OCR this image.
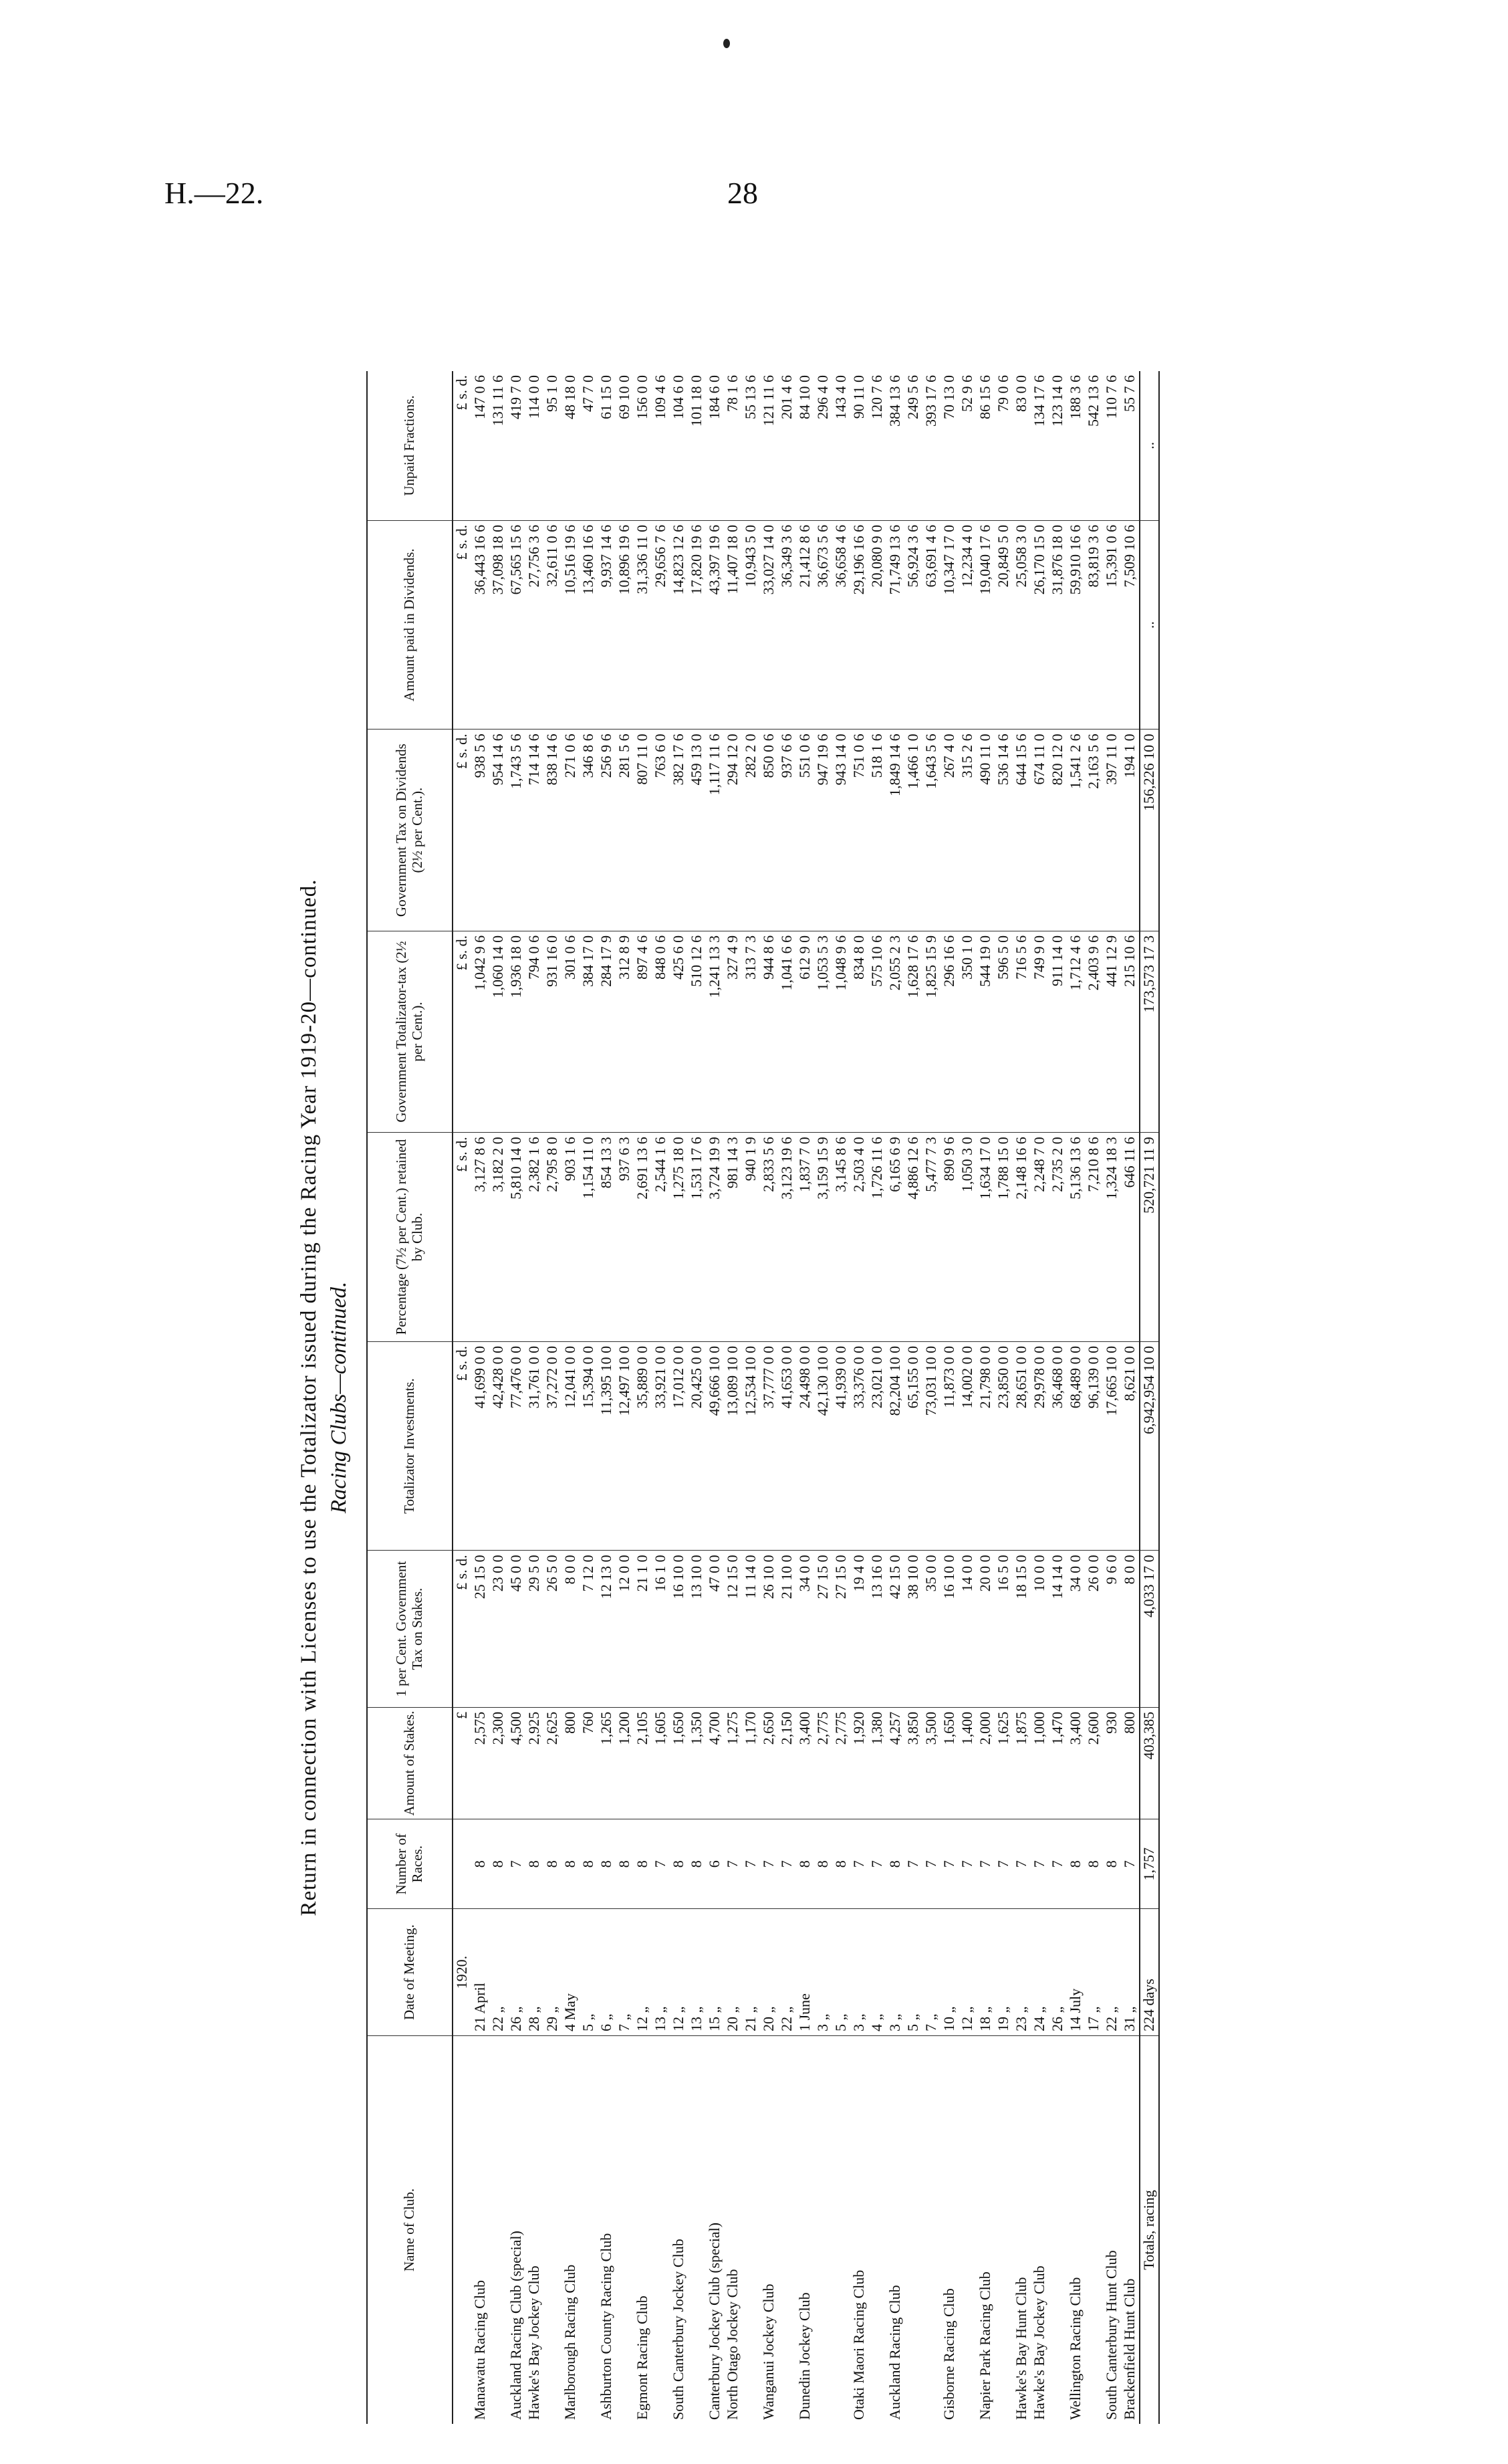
H.—22.	28
Return in connection with Licenses to use the Totalizator issued during the Racing Year 1919-20—continued. Racing Clubs—continued.
Name of Club.	Date of Meeting.	Number of Races.	Amount of Stakes.	1 per Cent. Government Tax on Stakes.	Totalizator Investments.	Percentage (7½ per Cent.) retained by Club.	Government Totalizator-tax (2½ per Cent.).	Government Tax on Dividends (2½ per Cent.).	Amount paid in Dividends.	Unpaid Fractions.
	1920.		£	£ s. d.	£ s. d.	£ s. d.	£ s. d.	£ s. d.	£ s. d.	£ s. d.
Manawatu Racing Club	21 April	8	2,575	25 15 0	41,699 0 0	3,127 8 6	1,042 9 6	938 5 6	36,443 16 6	147 0 6
	22 „	8	2,300	23 0 0	42,428 0 0	3,182 2 0	1,060 14 0	954 14 6	37,098 18 0	131 11 6
Auckland Racing Club (special)	26 „	7	4,500	45 0 0	77,476 0 0	5,810 14 0	1,936 18 0	1,743 5 6	67,565 15 6	419 7 0
Hawke's Bay Jockey Club	28 „	8	2,925	29 5 0	31,761 0 0	2,382 1 6	794 0 6	714 14 6	27,756 3 6	114 0 0
	29 „	8	2,625	26 5 0	37,272 0 0	2,795 8 0	931 16 0	838 14 6	32,611 0 6	95 1 0
Marlborough Racing Club	4 May	8	800	8 0 0	12,041 0 0	903 1 6	301 0 6	271 0 6	10,516 19 6	48 18 0
	5 „	8	760	7 12 0	15,394 0 0	1,154 11 0	384 17 0	346 8 6	13,460 16 6	47 7 0
Ashburton County Racing Club	6 „	8	1,265	12 13 0	11,395 10 0	854 13 3	284 17 9	256 9 6	9,937 14 6	61 15 0
	7 „	8	1,200	12 0 0	12,497 10 0	937 6 3	312 8 9	281 5 6	10,896 19 6	69 10 0
Egmont Racing Club	12 „	8	2,105	21 1 0	35,889 0 0	2,691 13 6	897 4 6	807 11 0	31,336 11 0	156 0 0
	13 „	7	1,605	16 1 0	33,921 0 0	2,544 1 6	848 0 6	763 6 0	29,656 7 6	109 4 6
South Canterbury Jockey Club	12 „	8	1,650	16 10 0	17,012 0 0	1,275 18 0	425 6 0	382 17 6	14,823 12 6	104 6 0
	13 „	8	1,350	13 10 0	20,425 0 0	1,531 17 6	510 12 6	459 13 0	17,820 19 6	101 18 0
Canterbury Jockey Club (special)	15 „	6	4,700	47 0 0	49,666 10 0	3,724 19 9	1,241 13 3	1,117 11 6	43,397 19 6	184 6 0
North Otago Jockey Club	20 „	7	1,275	12 15 0	13,089 10 0	981 14 3	327 4 9	294 12 0	11,407 18 0	78 1 6
	21 „	7	1,170	11 14 0	12,534 10 0	940 1 9	313 7 3	282 2 0	10,943 5 0	55 13 6
Wanganui Jockey Club	20 „	7	2,650	26 10 0	37,777 0 0	2,833 5 6	944 8 6	850 0 6	33,027 14 0	121 11 6
	22 „	7	2,150	21 10 0	41,653 0 0	3,123 19 6	1,041 6 6	937 6 6	36,349 3 6	201 4 6
Dunedin Jockey Club	1 June	8	3,400	34 0 0	24,498 0 0	1,837 7 0	612 9 0	551 0 6	21,412 8 6	84 10 0
	3 „	8	2,775	27 15 0	42,130 10 0	3,159 15 9	1,053 5 3	947 19 6	36,673 5 6	296 4 0
	5 „	8	2,775	27 15 0	41,939 0 0	3,145 8 6	1,048 9 6	943 14 0	36,658 4 6	143 4 0
Otaki Maori Racing Club	3 „	7	1,920	19 4 0	33,376 0 0	2,503 4 0	834 8 0	751 0 6	29,196 16 6	90 11 0
	4 „	7	1,380	13 16 0	23,021 0 0	1,726 11 6	575 10 6	518 1 6	20,080 9 0	120 7 6
Auckland Racing Club	3 „	8	4,257	42 15 0	82,204 10 0	6,165 6 9	2,055 2 3	1,849 14 6	71,749 13 6	384 13 6
	5 „	7	3,850	38 10 0	65,155 0 0	4,886 12 6	1,628 17 6	1,466 1 0	56,924 3 6	249 5 6
	7 „	7	3,500	35 0 0	73,031 10 0	5,477 7 3	1,825 15 9	1,643 5 6	63,691 4 6	393 17 6
Gisborne Racing Club	10 „	7	1,650	16 10 0	11,873 0 0	890 9 6	296 16 6	267 4 0	10,347 17 0	70 13 0
	12 „	7	1,400	14 0 0	14,002 0 0	1,050 3 0	350 1 0	315 2 6	12,234 4 0	52 9 6
Napier Park Racing Club	18 „	7	2,000	20 0 0	21,798 0 0	1,634 17 0	544 19 0	490 11 0	19,040 17 6	86 15 6
	19 „	7	1,625	16 5 0	23,850 0 0	1,788 15 0	596 5 0	536 14 6	20,849 5 0	79 0 6
Hawke's Bay Hunt Club	23 „	7	1,875	18 15 0	28,651 0 0	2,148 16 6	716 5 6	644 15 6	25,058 3 0	83 0 0
Hawke's Bay Jockey Club	24 „	7	1,000	10 0 0	29,978 0 0	2,248 7 0	749 9 0	674 11 0	26,170 15 0	134 17 6
	26 „	7	1,470	14 14 0	36,468 0 0	2,735 2 0	911 14 0	820 12 0	31,876 18 0	123 14 0
Wellington Racing Club	14 July	8	3,400	34 0 0	68,489 0 0	5,136 13 6	1,712 4 6	1,541 2 6	59,910 16 6	188 3 6
	17 „	8	2,600	26 0 0	96,139 0 0	7,210 8 6	2,403 9 6	2,163 5 6	83,819 3 6	542 13 6
South Canterbury Hunt Club	22 „	8	930	9 6 0	17,665 10 0	1,324 18 3	441 12 9	397 11 0	15,391 0 6	110 7 6
Brackenfield Hunt Club	31 „	7	800	8 0 0	8,621 0 0	646 11 6	215 10 6	194 1 0	7,509 10 6	55 7 6
Totals, racing	224 days	1,757	403,385	4,033 17 0	6,942,954 10 0	520,721 11 9	173,573 17 3	156,226 10 0	..	..
